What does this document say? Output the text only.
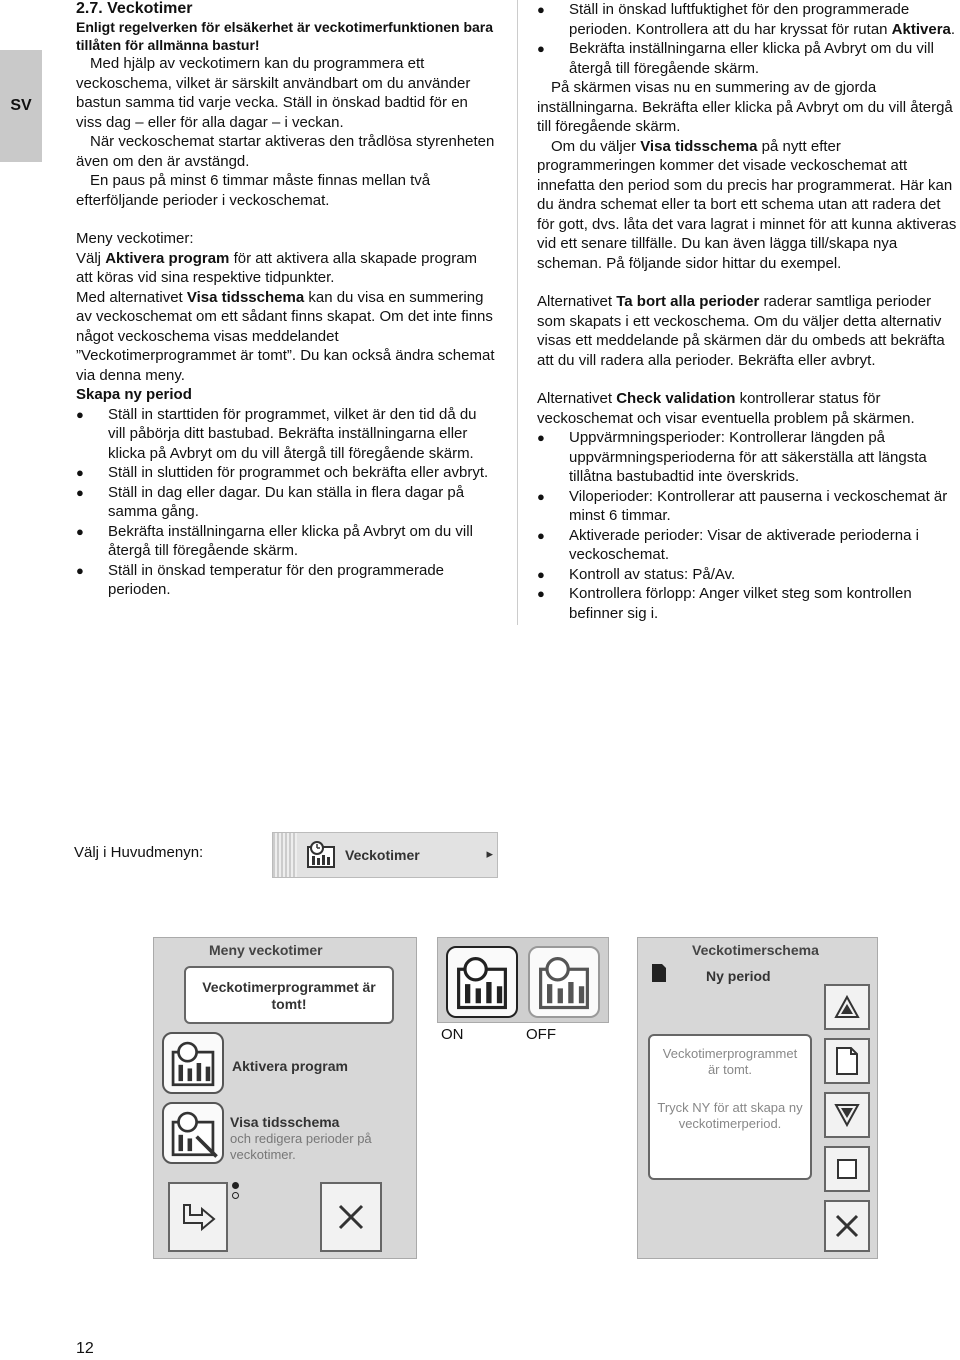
SV
2.7. Veckotimer

Enligt regelverken för elsäkerhet är veckotimerfunktionen bara tillåten för allmänna bastur!

Med hjälp av veckotimern kan du programmera ett veckoschema, vilket är särskilt användbart om du använder bastun samma tid varje vecka. Ställ in önskad badtid för en viss dag – eller för alla dagar – i veckan.

När veckoschemat startar aktiveras den trådlösa styrenheten även om den är avstängd.

En paus på minst 6 timmar måste finnas mellan två efterföljande perioder i veckoschemat.

Meny veckotimer:

Välj Aktivera program för att aktivera alla skapade program att köras vid sina respektive tidpunkter.

Med alternativet Visa tidsschema kan du visa en summering av veckoschemat om ett sådant finns skapat. Om det inte finns något veckoschema visas meddelandet ”Veckotimerprogrammet är tomt”. Du kan också ändra schemat via denna meny.

Skapa ny period

● Ställ in starttiden för programmet, vilket är den tid då du vill påbörja ditt bastubad. Bekräfta inställningarna eller klicka på Avbryt om du vill återgå till föregående skärm.
● Ställ in sluttiden för programmet och bekräfta eller avbryt.
● Ställ in dag eller dagar. Du kan ställa in flera dagar på samma gång.
● Bekräfta inställningarna eller klicka på Avbryt om du vill återgå till föregående skärm.
● Ställ in önskad temperatur för den programmerade perioden.
● Ställ in önskad luftfuktighet för den programmerade perioden. Kontrollera att du har kryssat för rutan Aktivera.
● Bekräfta inställningarna eller klicka på Avbryt om du vill återgå till föregående skärm.

På skärmen visas nu en summering av de gjorda inställningarna. Bekräfta eller klicka på Avbryt om du vill återgå till föregående skärm.

Om du väljer Visa tidsschema på nytt efter programmeringen kommer det visade veckoschemat att innefatta den period som du precis har programmerat. Här kan du ändra schemat eller ta bort ett schema utan att radera det för gott, dvs. låta det vara lagrat i minnet för att kunna aktiveras vid ett senare tillfälle. Du kan även lägga till/skapa nya scheman. På följande sidor hittar du exempel.

Alternativet Ta bort alla perioder raderar samtliga perioder som skapats i ett veckoschema. Om du väljer detta alternativ visas ett meddelande på skärmen där du ombeds att bekräfta att du vill radera alla perioder. Bekräfta eller avbryt.

Alternativet Check validation kontrollerar status för veckoschemat och visar eventuella problem på skärmen.

● Uppvärmningsperioder: Kontrollerar längden på uppvärmningsperioderna för att säkerställa att längsta tillåtna bastubadtid inte överskrids.
● Viloperioder: Kontrollerar att pauserna i veckoschemat är minst 6 timmar.
● Aktiverade perioder: Visar de aktiverade perioderna i veckoschemat.
● Kontroll av status: På/Av.
● Kontrollera förlopp: Anger vilket steg som kontrollen befinner sig i.
Välj i Huvudmenyn:	Veckotimer	▸
Meny veckotimer
Veckotimerprogrammet är tomt!
Aktivera program
Visa tidsschema
och redigera perioder på veckotimer.
ON	OFF
Veckotimerschema
Ny period
Veckotimerprogrammet är tomt.
Tryck NY för att skapa ny veckotimerperiod.
12
